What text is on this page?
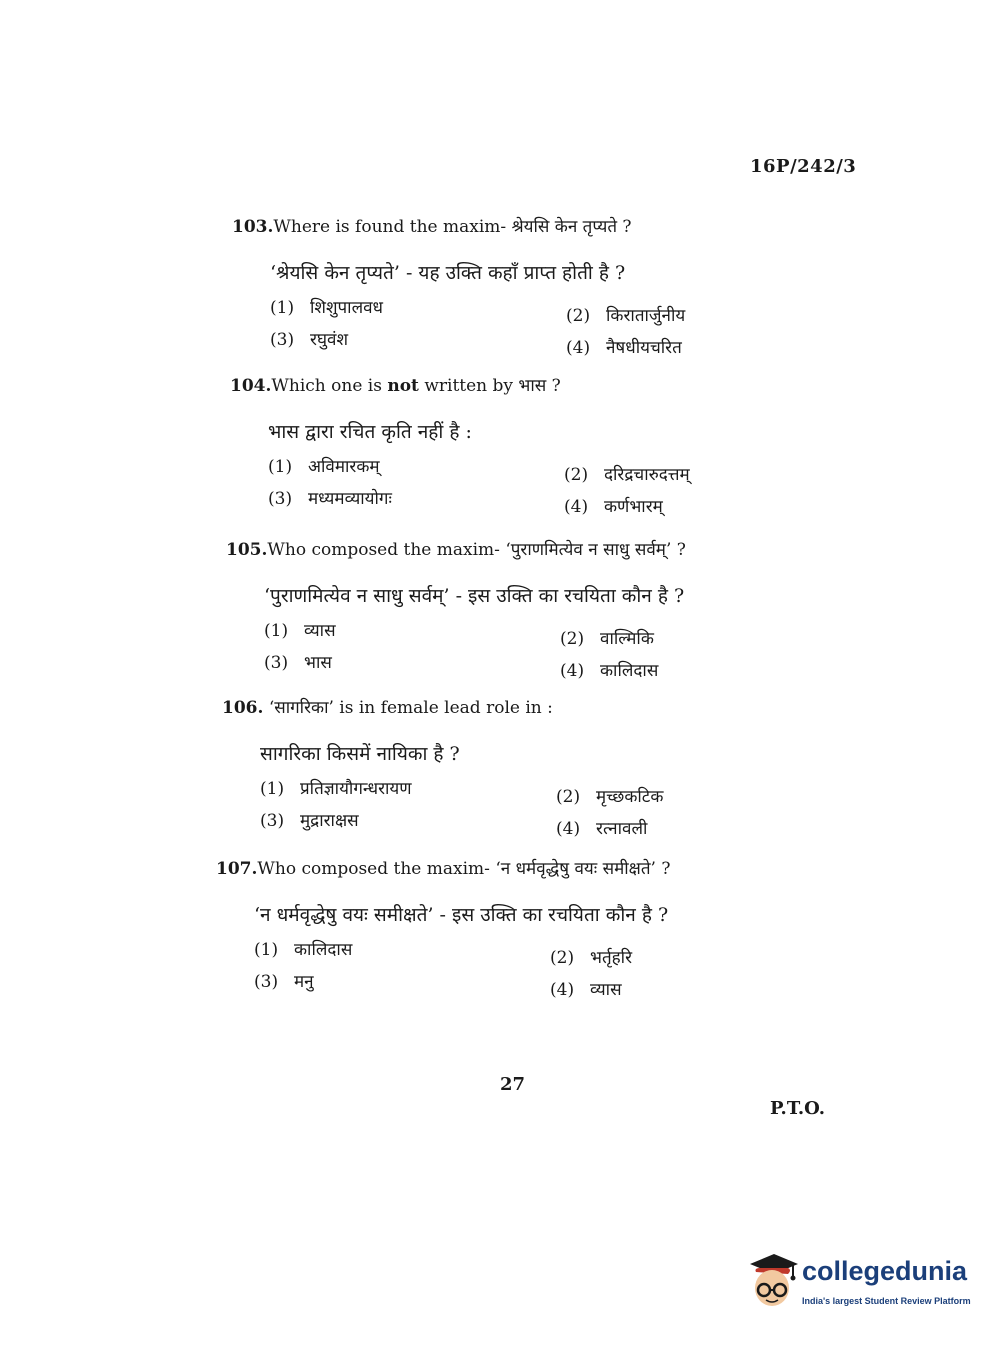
16P/242/3
103.Where is found the maxim- श्रेयसि केन तृप्यते ?
‘श्रेयसि केन तृप्यते’ - यह उक्ति कहाँ प्राप्त होती है ?
(1) शिशुपालवध	(2) किरातार्जुनीय
(3) रघुवंश	(4) नैषधीयचरित
104.Which one is not written by भास ?
भास द्वारा रचित कृति नहीं है :
(1) अविमारकम्	(2) दरिद्रचारुदत्तम्
(3) मध्यमव्यायोगः	(4) कर्णभारम्
105.Who composed the maxim- ‘पुराणमित्येव न साधु सर्वम्’ ?
‘पुराणमित्येव न साधु सर्वम्’ - इस उक्ति का रचयिता कौन है ?
(1) व्यास	(2) वाल्मिकि
(3) भास	(4) कालिदास
106. ‘सागरिका’ is in female lead role in :
सागरिका किसमें नायिका है ?
(1) प्रतिज्ञायौगन्धरायण	(2) मृच्छकटिक
(3) मुद्राराक्षस	(4) रत्नावली
107.Who composed the maxim- ‘न धर्मवृद्धेषु वयः समीक्षते’ ?
‘न धर्मवृद्धेषु वयः समीक्षते’ - इस उक्ति का रचयिता कौन है ?
(1) कालिदास	(2) भर्तृहरि
(3) मनु	(4) व्यास
27
P.T.O.
collegedunia
India's largest Student Review Platform
